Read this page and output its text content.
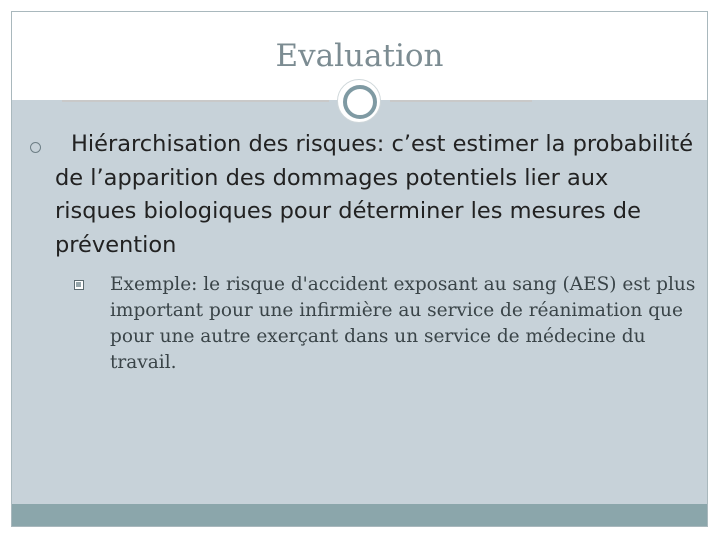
Evaluation

Hiérarchisation des risques: c’est estimer la probabilité de l’apparition des dommages potentiels lier aux risques biologiques pour déterminer les mesures de prévention

Exemple: le risque d'accident exposant au sang (AES) est plus important pour une infirmière au service de réanimation que pour une autre exerçant dans un service de médecine du travail.
